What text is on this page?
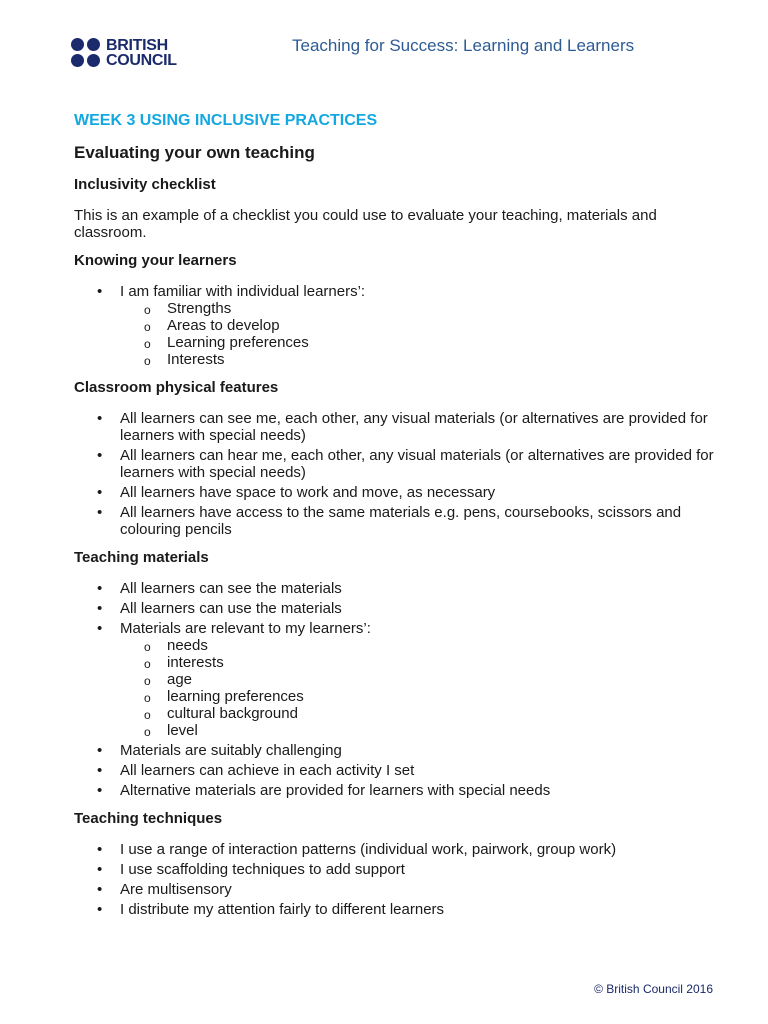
BRITISH
COUNCIL
Teaching for Success: Learning and Learners
WEEK 3 USING INCLUSIVE PRACTICES
Evaluating your own teaching
Inclusivity checklist
This is an example of a checklist you could use to evaluate your teaching, materials and classroom.
Knowing your learners
• I am familiar with individual learners’:
o Strengths
o Areas to develop
o Learning preferences
o Interests
Classroom physical features
• All learners can see me, each other, any visual materials (or alternatives are provided for learners with special needs)
• All learners can hear me, each other, any visual materials (or alternatives are provided for learners with special needs)
• All learners have space to work and move, as necessary
• All learners have access to the same materials e.g. pens, coursebooks, scissors and colouring pencils
Teaching materials
• All learners can see the materials
• All learners can use the materials
• Materials are relevant to my learners’:
o needs
o interests
o age
o learning preferences
o cultural background
o level
• Materials are suitably challenging
• All learners can achieve in each activity I set
• Alternative materials are provided for learners with special needs
Teaching techniques
• I use a range of interaction patterns (individual work, pairwork, group work)
• I use scaffolding techniques to add support
• Are multisensory
• I distribute my attention fairly to different learners
© British Council 2016
